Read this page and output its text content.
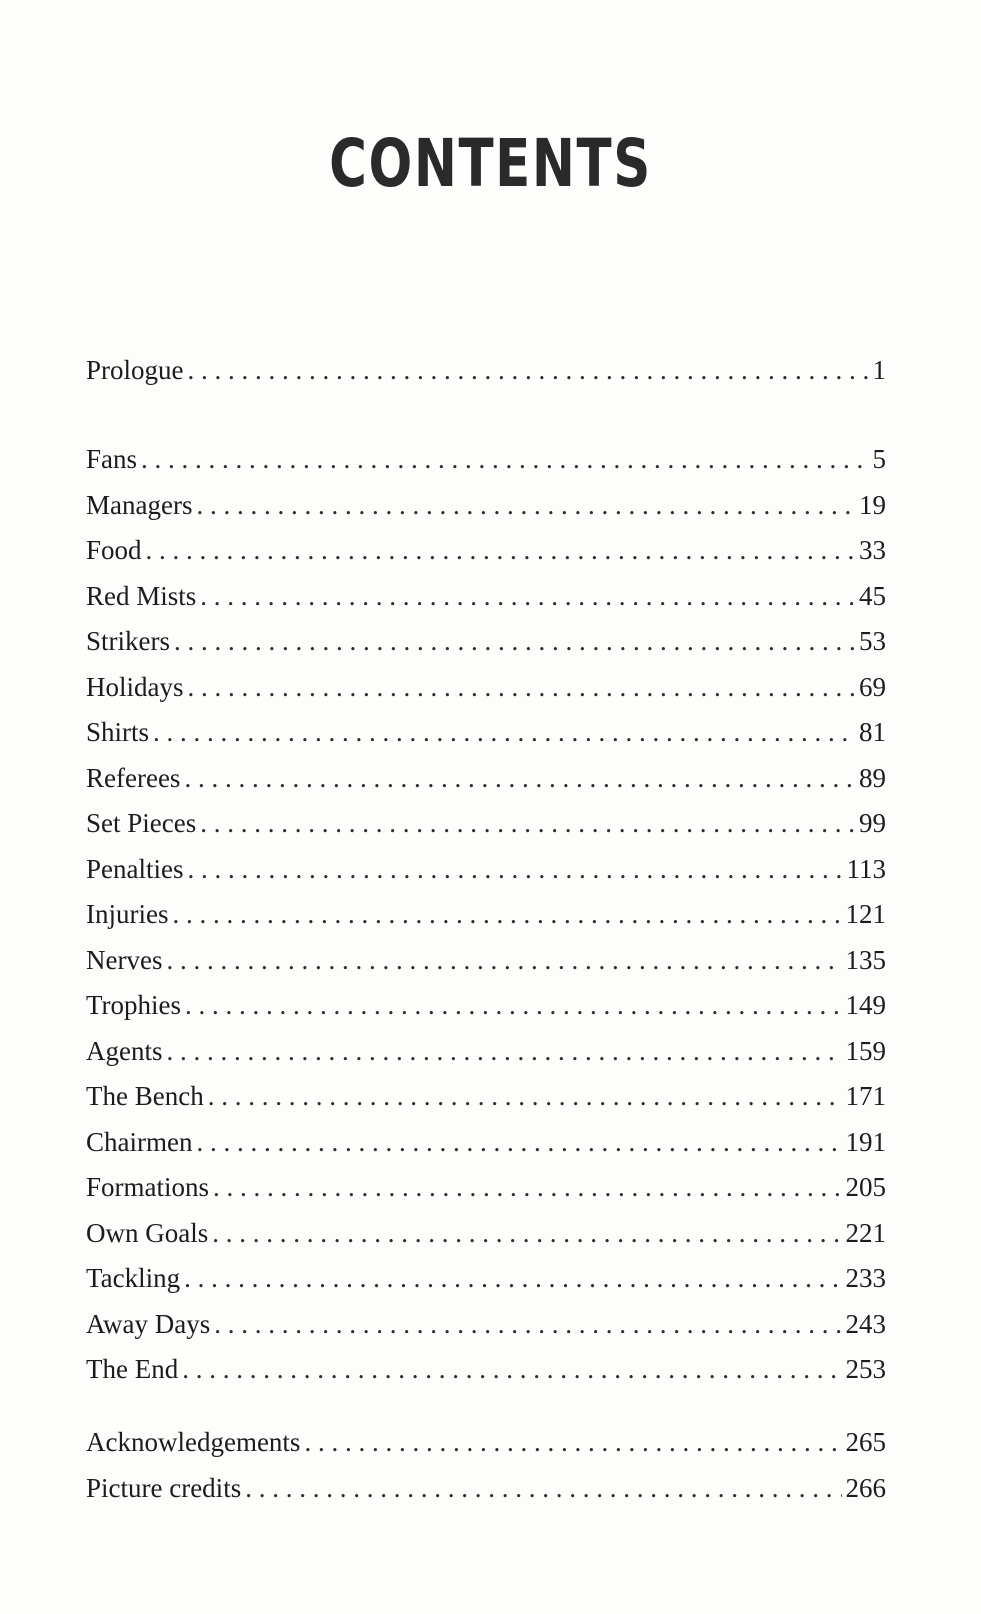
CONTENTS
Prologue . . .	1
Fans . . .	5
Managers . . .	19
Food . . .	33
Red Mists . . .	45
Strikers . . .	53
Holidays . . .	69
Shirts . . .	81
Referees . . .	89
Set Pieces . . .	99
Penalties . . .	113
Injuries . . .	121
Nerves . . .	135
Trophies . . .	149
Agents . . .	159
The Bench . . .	171
Chairmen . . .	191
Formations . . .	205
Own Goals . . .	221
Tackling . . .	233
Away Days . . .	243
The End . . .	253
Acknowledgements . . .	265
Picture credits . . .	266
